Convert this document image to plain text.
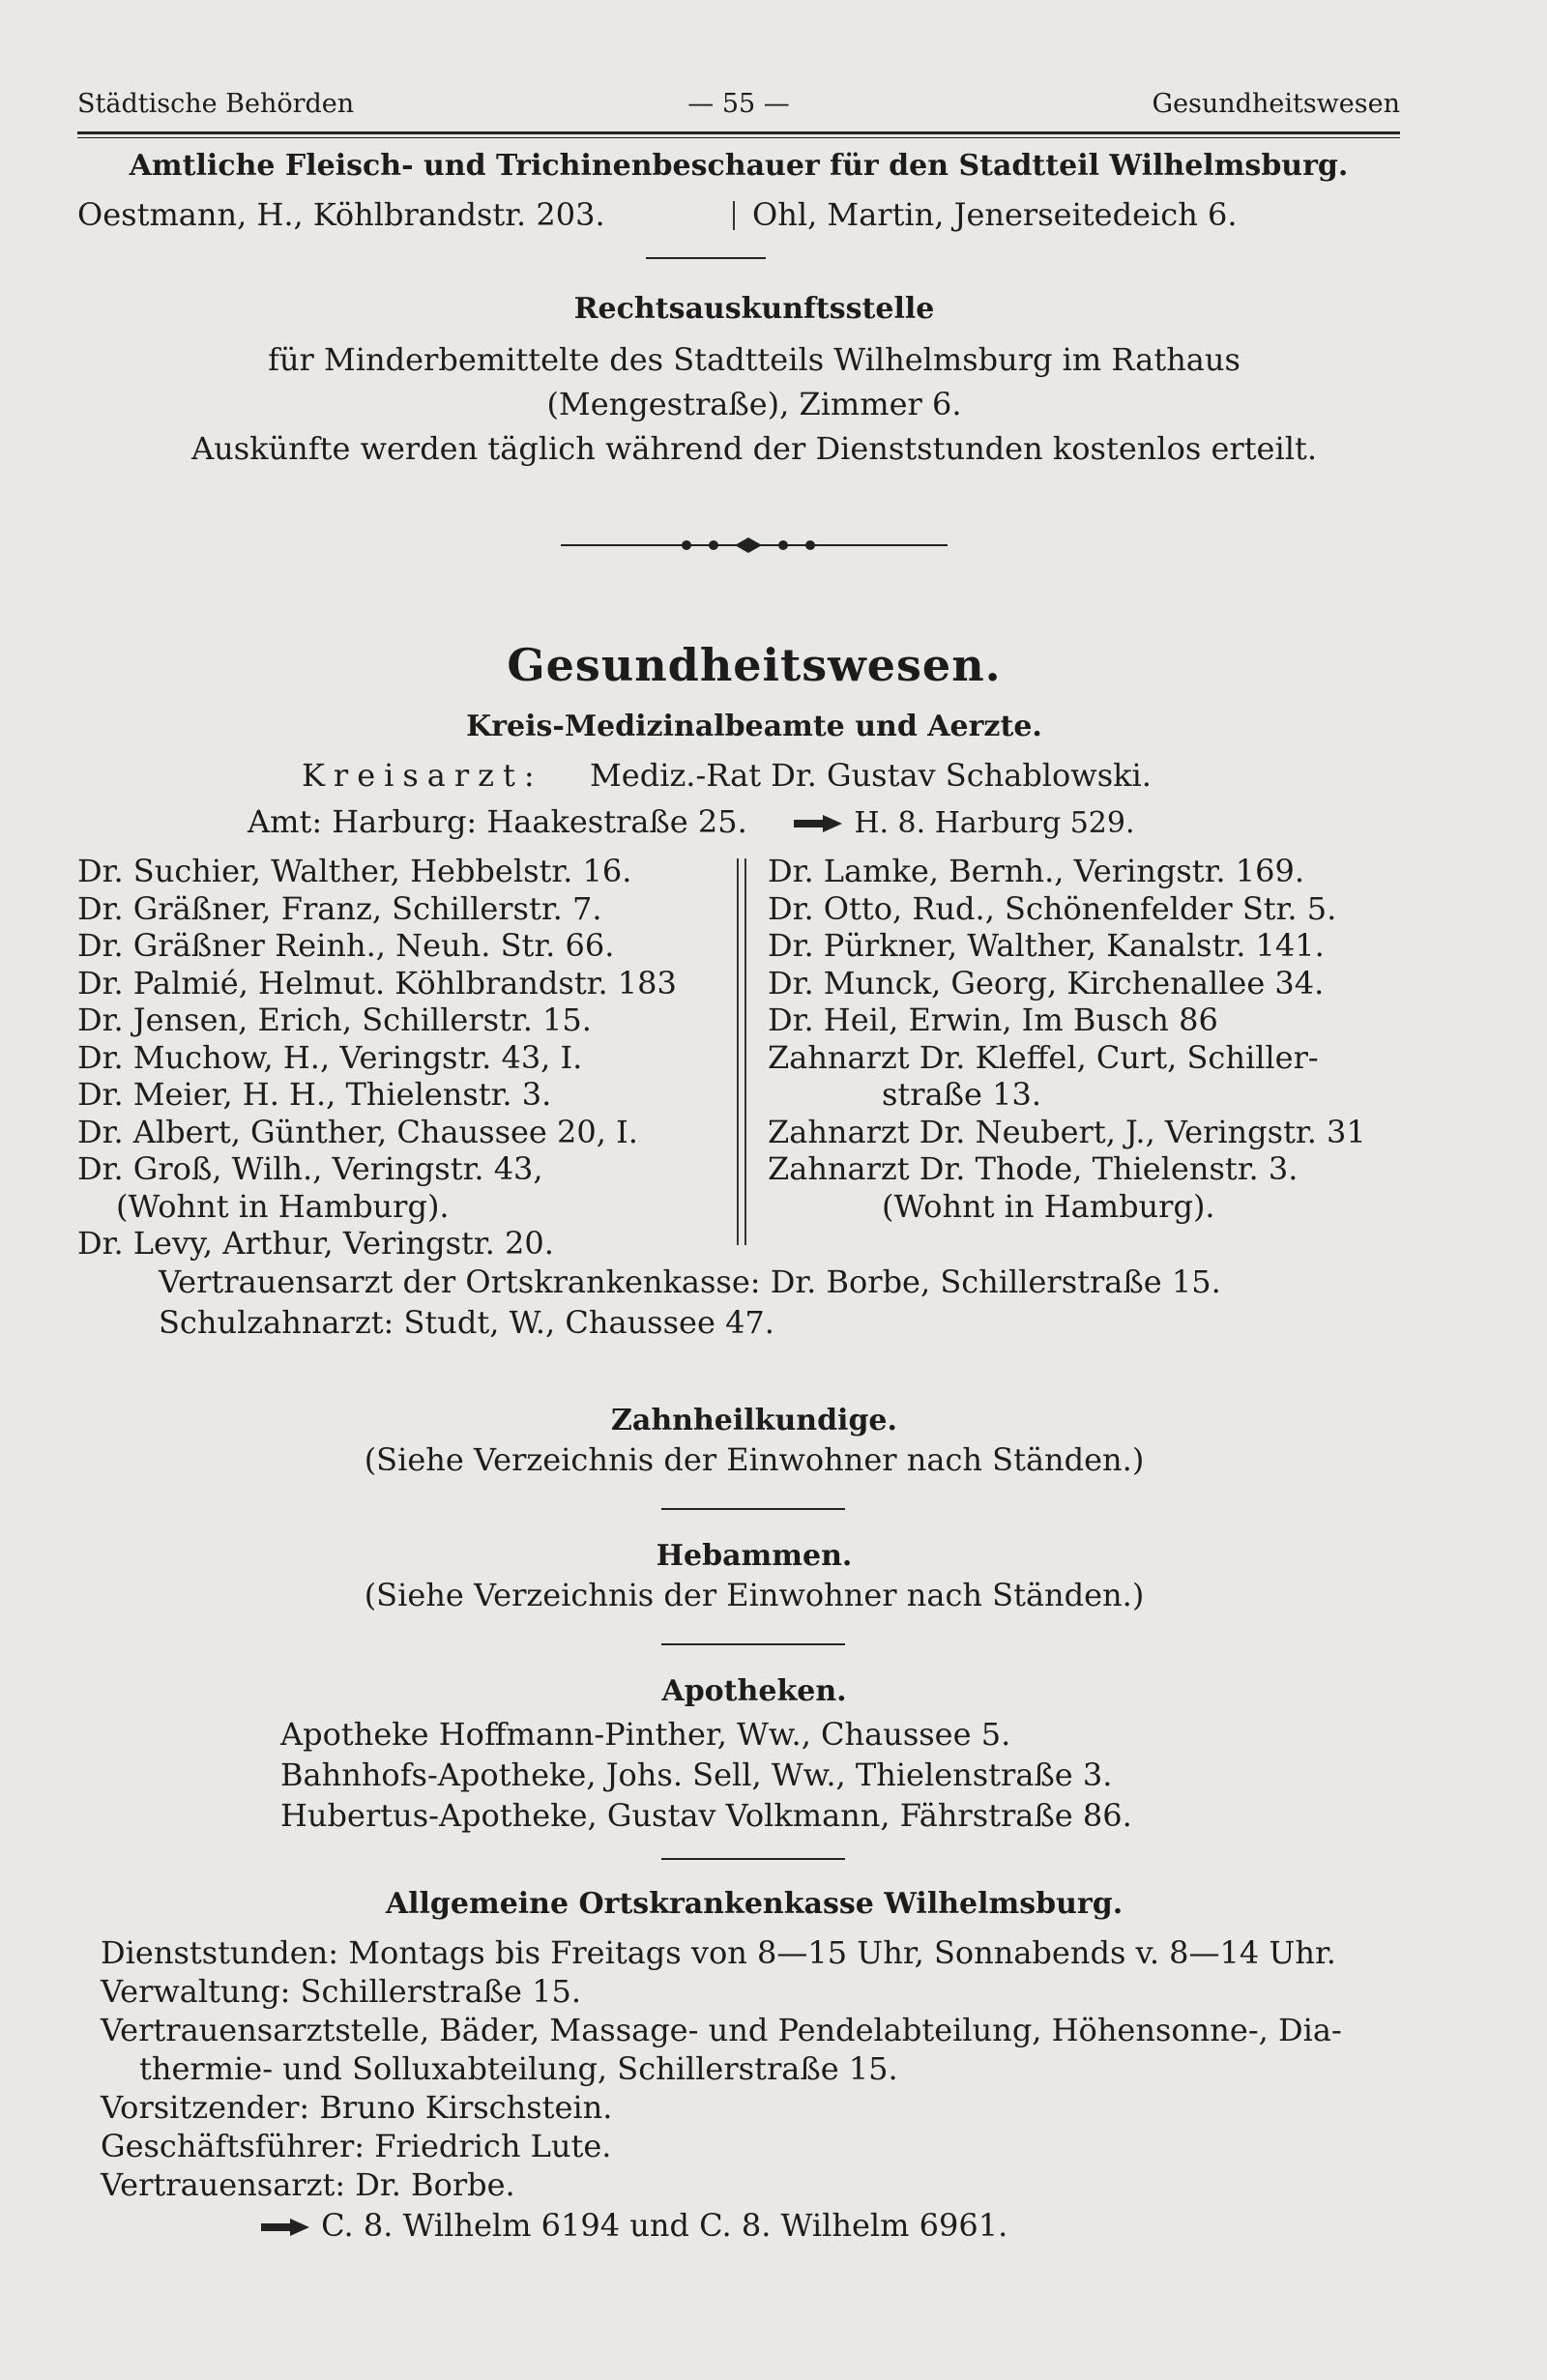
Städtische Behörden	— 55 —	Gesundheitswesen
Amtliche Fleisch- und Trichinenbeschauer für den Stadtteil Wilhelmsburg.
Oestmann, H., Köhlbrandstr. 203.	Ohl, Martin, Jenerseitedeich 6.
Rechtsauskunftsstelle
für Minderbemittelte des Stadtteils Wilhelmsburg im Rathaus
(Mengestraße), Zimmer 6.
Auskünfte werden täglich während der Dienststunden kostenlos erteilt.
Gesundheitswesen.
Kreis-Medizinalbeamte und Aerzte.
Kreisarzt: Mediz.-Rat Dr. Gustav Schablowski.
Amt: Harburg: Haakestraße 25.	H. 8. Harburg 529.
Dr. Suchier, Walther, Hebbelstr. 16.
Dr. Gräßner, Franz, Schillerstr. 7.
Dr. Gräßner Reinh., Neuh. Str. 66.
Dr. Palmié, Helmut. Köhlbrandstr. 183
Dr. Jensen, Erich, Schillerstr. 15.
Dr. Muchow, H., Veringstr. 43, I.
Dr. Meier, H. H., Thielenstr. 3.
Dr. Albert, Günther, Chaussee 20, I.
Dr. Groß, Wilh., Veringstr. 43,
(Wohnt in Hamburg).
Dr. Levy, Arthur, Veringstr. 20.
Dr. Lamke, Bernh., Veringstr. 169.
Dr. Otto, Rud., Schönenfelder Str. 5.
Dr. Pürkner, Walther, Kanalstr. 141.
Dr. Munck, Georg, Kirchenallee 34.
Dr. Heil, Erwin, Im Busch 86
Zahnarzt Dr. Kleffel, Curt, Schiller-
straße 13.
Zahnarzt Dr. Neubert, J., Veringstr. 31
Zahnarzt Dr. Thode, Thielenstr. 3.
(Wohnt in Hamburg).
Vertrauensarzt der Ortskrankenkasse: Dr. Borbe, Schillerstraße 15.
Schulzahnarzt: Studt, W., Chaussee 47.
Zahnheilkundige.
(Siehe Verzeichnis der Einwohner nach Ständen.)
Hebammen.
(Siehe Verzeichnis der Einwohner nach Ständen.)
Apotheken.
Apotheke Hoffmann-Pinther, Ww., Chaussee 5.
Bahnhofs-Apotheke, Johs. Sell, Ww., Thielenstraße 3.
Hubertus-Apotheke, Gustav Volkmann, Fährstraße 86.
Allgemeine Ortskrankenkasse Wilhelmsburg.
Dienststunden: Montags bis Freitags von 8—15 Uhr, Sonnabends v. 8—14 Uhr.
Verwaltung: Schillerstraße 15.
Vertrauensarztstelle, Bäder, Massage- und Pendelabteilung, Höhensonne-, Dia-
thermie- und Solluxabteilung, Schillerstraße 15.
Vorsitzender: Bruno Kirschstein.
Geschäftsführer: Friedrich Lute.
Vertrauensarzt: Dr. Borbe.
C. 8. Wilhelm 6194 und C. 8. Wilhelm 6961.
